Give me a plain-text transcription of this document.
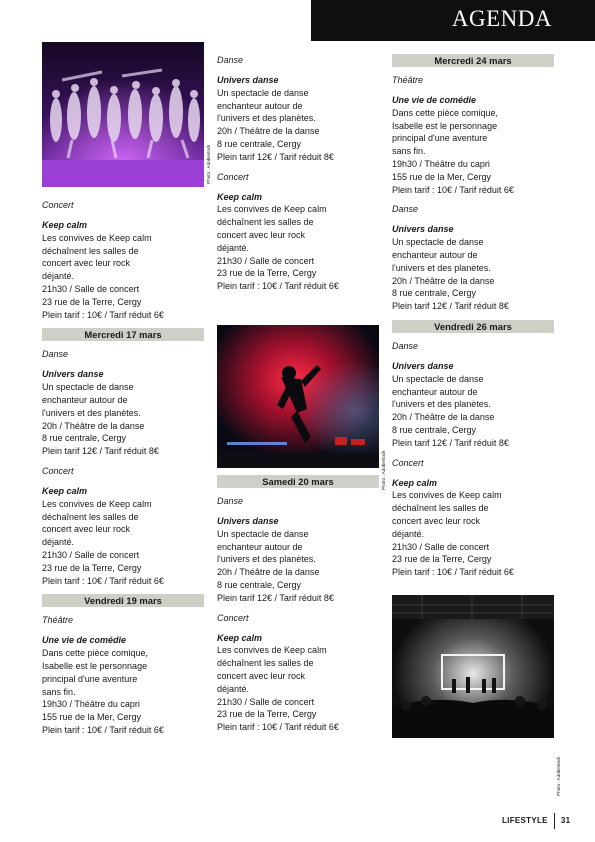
AGENDA
Photo : Adobestock

Concert

Keep calm

Les convives de Keep calm

déchaînent les salles de

concert avec leur rock

déjanté.

21h30 / Salle de concert

23 rue de la Terre, Cergy

Plein tarif : 10€ / Tarif réduit 6€

Mercredi 17 mars

Danse

Univers danse

Un spectacle de danse

enchanteur autour de

l'univers et des planètes.

20h / Théâtre de la danse

8 rue centrale, Cergy

Plein tarif 12€ / Tarif réduit 8€

Concert

Keep calm

Les convives de Keep calm

déchaînent les salles de

concert avec leur rock

déjanté.

21h30 / Salle de concert

23 rue de la Terre, Cergy

Plein tarif : 10€ / Tarif réduit 6€

Vendredi 19 mars

Théâtre

Une vie de comédie

Dans cette pièce comique,

Isabelle est le personnage

principal d'une aventure

sans fin.

19h30 / Théâtre du capri

155 rue de la Mer, Cergy

Plein tarif : 10€ / Tarif réduit 6€

Danse

Univers danse

Un spectacle de danse

enchanteur autour de

l'univers et des planètes.

20h / Théâtre de la danse

8 rue centrale, Cergy

Plein tarif 12€ / Tarif réduit 8€

Concert

Keep calm

Les convives de Keep calm

déchaînent les salles de

concert avec leur rock

déjanté.

21h30 / Salle de concert

23 rue de la Terre, Cergy

Plein tarif : 10€ / Tarif réduit 6€

Photo : Adobestock

Samedi 20 mars

Danse

Univers danse

Un spectacle de danse

enchanteur autour de

l'univers et des planètes.

20h / Théâtre de la danse

8 rue centrale, Cergy

Plein tarif 12€ / Tarif réduit 8€

Concert

Keep calm

Les convives de Keep calm

déchaînent les salles de

concert avec leur rock

déjanté.

21h30 / Salle de concert

23 rue de la Terre, Cergy

Plein tarif : 10€ / Tarif réduit 6€

Mercredi 24 mars

Théâtre

Une vie de comédie

Dans cette pièce comique,

Isabelle est le personnage

principal d'une aventure

sans fin.

19h30 / Théâtre du capri

155 rue de la Mer, Cergy

Plein tarif : 10€ / Tarif réduit 6€

Danse

Univers danse

Un spectacle de danse

enchanteur autour de

l'univers et des planètes.

20h / Théâtre de la danse

8 rue centrale, Cergy

Plein tarif 12€ / Tarif réduit 8€

Vendredi 26 mars

Danse

Univers danse

Un spectacle de danse

enchanteur autour de

l'univers et des planètes.

20h / Théâtre de la danse

8 rue centrale, Cergy

Plein tarif 12€ / Tarif réduit 8€

Concert

Keep calm

Les convives de Keep calm

déchaînent les salles de

concert avec leur rock

déjanté.

21h30 / Salle de concert

23 rue de la Terre, Cergy

Plein tarif : 10€ / Tarif réduit 6€

Photo : Adobestock
LIFESTYLE 31
